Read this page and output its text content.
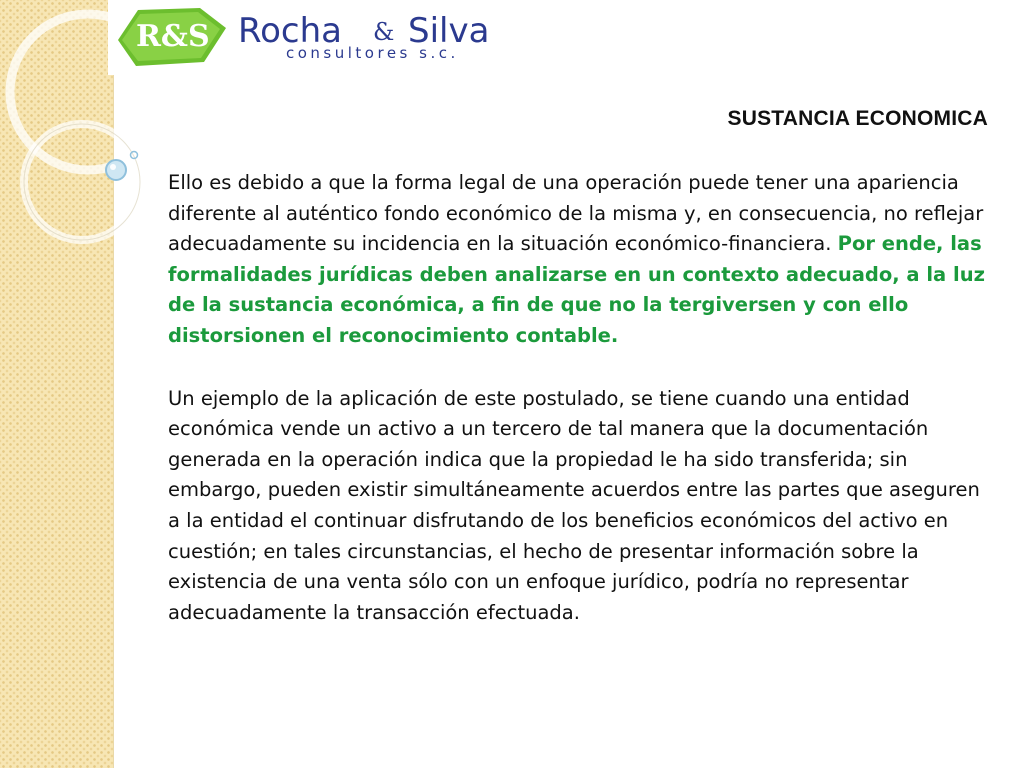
R&S Rocha & Silva
consultores s.c.
SUSTANCIA ECONOMICA

Ello es debido a que la forma legal de una operación puede tener una apariencia diferente al auténtico fondo económico de la misma y, en consecuencia, no reflejar adecuadamente su incidencia en la situación económico-financiera. Por ende, las formalidades jurídicas deben analizarse en un contexto adecuado, a la luz de la sustancia económica, a fin de que no la tergiversen y con ello distorsionen el reconocimiento contable.

Un ejemplo de la aplicación de este postulado, se tiene cuando una entidad económica vende un activo a un tercero de tal manera que la documentación generada en la operación indica que la propiedad le ha sido transferida; sin embargo, pueden existir simultáneamente acuerdos entre las partes que aseguren a la entidad el continuar disfrutando de los beneficios económicos del activo en cuestión; en tales circunstancias, el hecho de presentar información sobre la existencia de una venta sólo con un enfoque jurídico, podría no representar adecuadamente la transacción efectuada.
